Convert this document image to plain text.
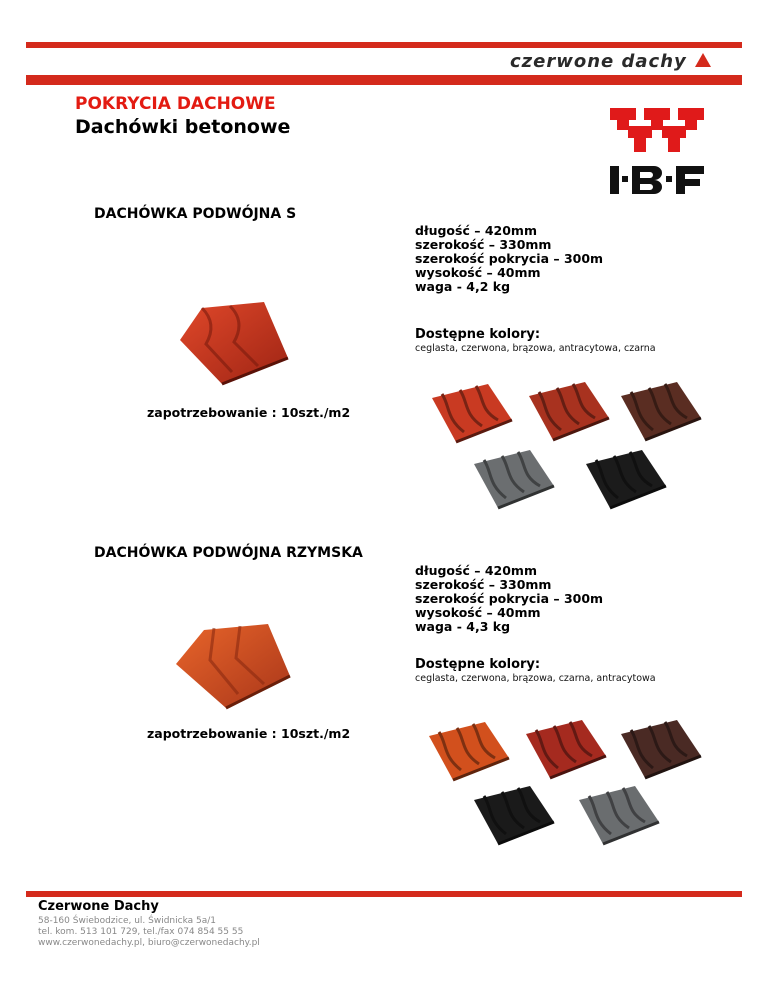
czerwone dachy
POKRYCIA DACHOWE
Dachówki betonowe
DACHÓWKA PODWÓJNA S
długość – 420mm
szerokość – 330mm
szerokość pokrycia – 300m
wysokość – 40mm
waga - 4,2 kg
Dostępne kolory:
ceglasta, czerwona, brązowa, antracytowa, czarna
zapotrzebowanie : 10szt./m2
DACHÓWKA PODWÓJNA RZYMSKA
długość – 420mm
szerokość – 330mm
szerokość pokrycia – 300m
wysokość – 40mm
waga - 4,3 kg
Dostępne kolory:
ceglasta, czerwona, brązowa, czarna, antracytowa
zapotrzebowanie : 10szt./m2
Czerwone Dachy
58-160 Świebodzice, ul. Świdnicka 5a/1
tel. kom. 513 101 729, tel./fax 074 854 55 55
www.czerwonedachy.pl, biuro@czerwonedachy.pl
